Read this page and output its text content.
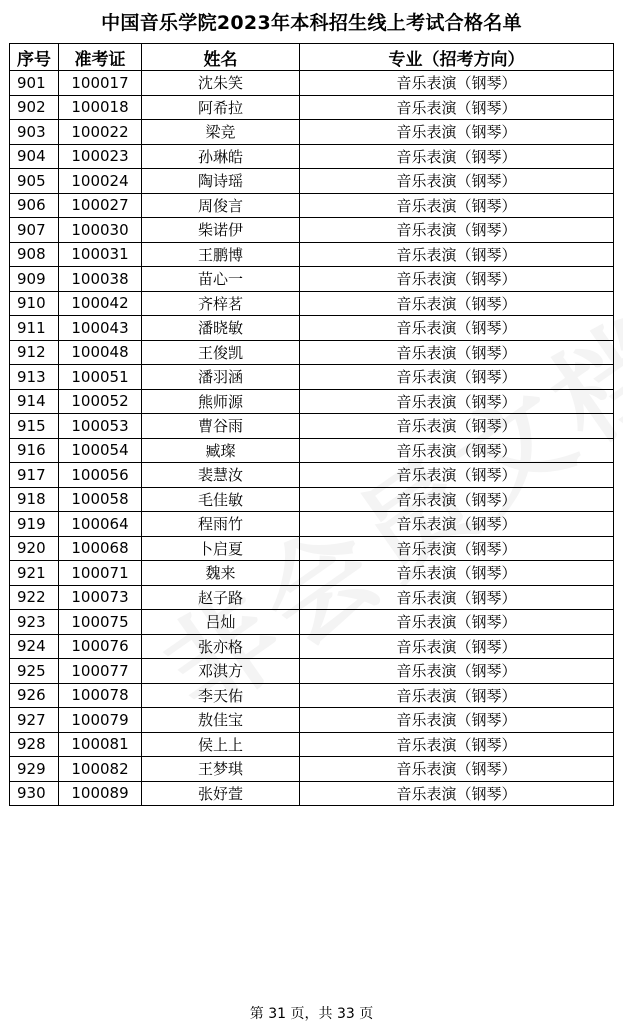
中国音乐学院2023年本科招生线上考试合格名单
序号	准考证	姓名	专业（招考方向）
901	100017	沈朱笑	音乐表演（钢琴）
902	100018	阿希拉	音乐表演（钢琴）
903	100022	梁竞	音乐表演（钢琴）
904	100023	孙琳皓	音乐表演（钢琴）
905	100024	陶诗瑶	音乐表演（钢琴）
906	100027	周俊言	音乐表演（钢琴）
907	100030	柴诺伊	音乐表演（钢琴）
908	100031	王鹏博	音乐表演（钢琴）
909	100038	苗心一	音乐表演（钢琴）
910	100042	齐梓茗	音乐表演（钢琴）
911	100043	潘晓敏	音乐表演（钢琴）
912	100048	王俊凯	音乐表演（钢琴）
913	100051	潘羽涵	音乐表演（钢琴）
914	100052	熊师源	音乐表演（钢琴）
915	100053	曹谷雨	音乐表演（钢琴）
916	100054	臧璨	音乐表演（钢琴）
917	100056	裴慧汝	音乐表演（钢琴）
918	100058	毛佳敏	音乐表演（钢琴）
919	100064	程雨竹	音乐表演（钢琴）
920	100068	卜启夏	音乐表演（钢琴）
921	100071	魏来	音乐表演（钢琴）
922	100073	赵子路	音乐表演（钢琴）
923	100075	吕灿	音乐表演（钢琴）
924	100076	张亦格	音乐表演（钢琴）
925	100077	邓淇方	音乐表演（钢琴）
926	100078	李天佑	音乐表演（钢琴）
927	100079	敖佳宝	音乐表演（钢琴）
928	100081	侯上上	音乐表演（钢琴）
929	100082	王梦琪	音乐表演（钢琴）
930	100089	张妤萱	音乐表演（钢琴）
第 31 页，共 33 页
